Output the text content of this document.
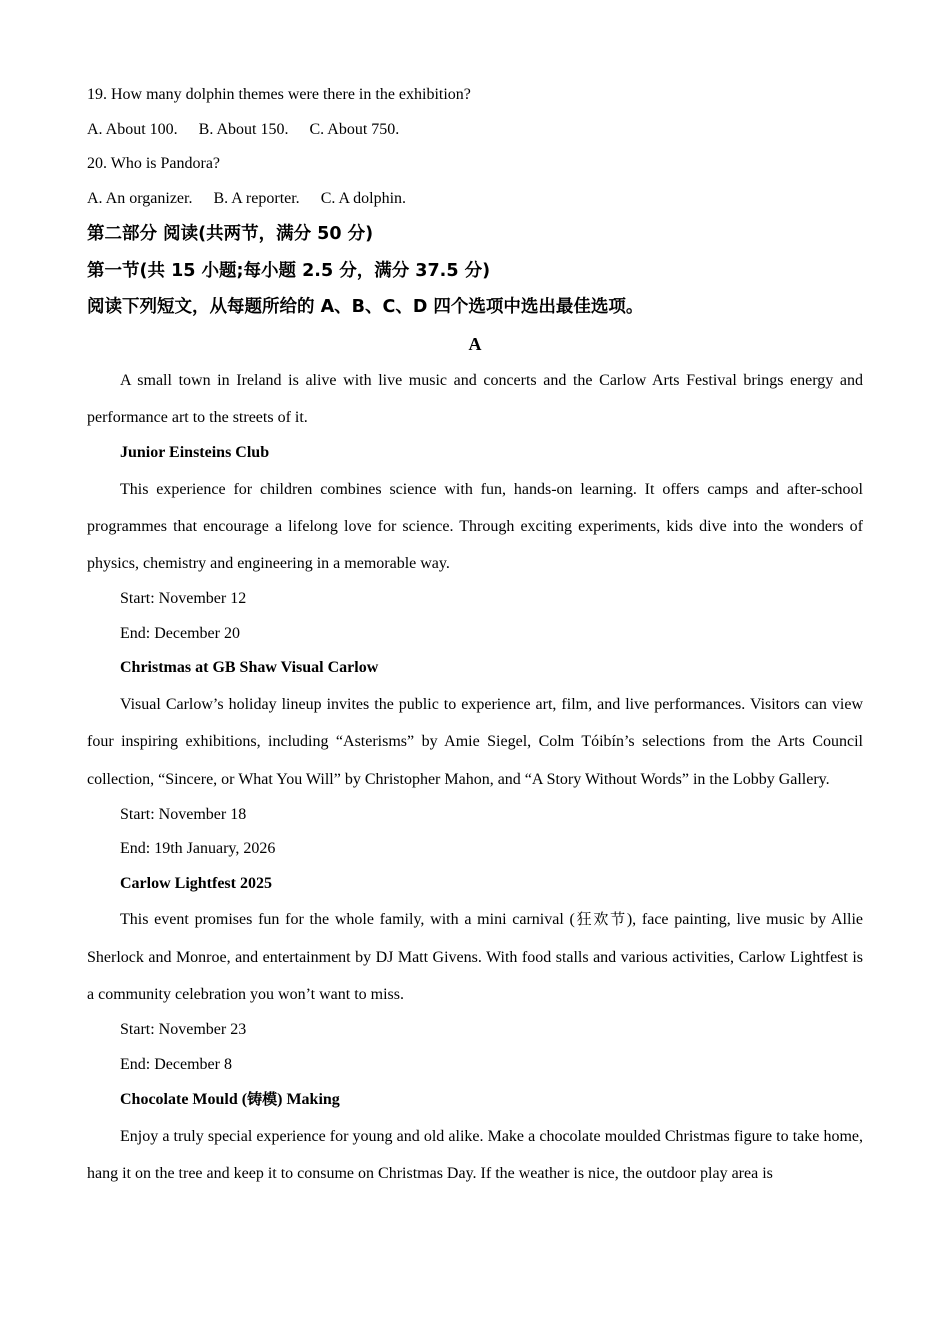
19. How many dolphin themes were there in the exhibition?
A. About 100. B. About 150. C. About 750.
20. Who is Pandora?
A. An organizer. B. A reporter. C. A dolphin.
第二部分 阅读(共两节，满分 50 分)
第一节(共 15 小题;每小题 2.5 分，满分 37.5 分)
阅读下列短文，从每题所给的 A、B、C、D 四个选项中选出最佳选项。
A

A small town in Ireland is alive with live music and concerts and the Carlow Arts Festival brings energy and performance art to the streets of it.

Junior Einsteins Club

This experience for children combines science with fun, hands-on learning. It offers camps and after-school programmes that encourage a lifelong love for science. Through exciting experiments, kids dive into the wonders of physics, chemistry and engineering in a memorable way.

Start: November 12
End: December 20
Christmas at GB Shaw Visual Carlow

Visual Carlow’s holiday lineup invites the public to experience art, film, and live performances. Visitors can view four inspiring exhibitions, including “Asterisms” by Amie Siegel, Colm Tóibín’s selections from the Arts Council collection, “Sincere, or What You Will” by Christopher Mahon, and “A Story Without Words” in the Lobby Gallery.

Start: November 18
End: 19th January, 2026
Carlow Lightfest 2025

This event promises fun for the whole family, with a mini carnival (狂欢节), face painting, live music by Allie Sherlock and Monroe, and entertainment by DJ Matt Givens. With food stalls and various activities, Carlow Lightfest is a community celebration you won’t want to miss.

Start: November 23
End: December 8
Chocolate Mould (铸模) Making

Enjoy a truly special experience for young and old alike. Make a chocolate moulded Christmas figure to take home, hang it on the tree and keep it to consume on Christmas Day. If the weather is nice, the outdoor play area is
